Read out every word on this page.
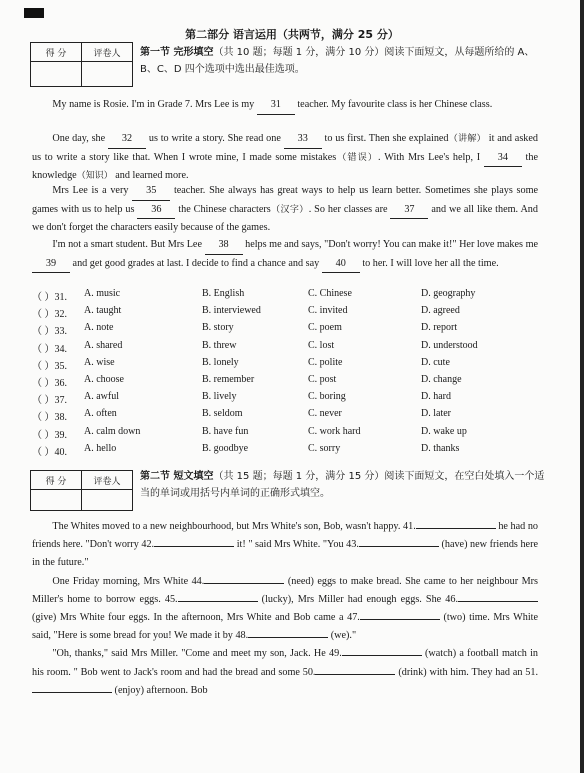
第二部分 语言运用（共两节，满分 25 分）
得 分	评卷人
	第一节 完形填空（共 10 题；每题 1 分，满分 10 分）阅读下面短文，从每题所给的 A、B、C、D 四个选项中选出最佳选项。
  My name is Rosie. I'm in Grade 7. Mrs Lee is my 31 teacher. My favourite class is her Chinese class.
  One day, she 32 us to write a story. She read one 33 to us first. Then she explained（讲解） it and asked us to write a story like that. When I wrote mine, I made some mistakes（错误）. With Mrs Lee's help, I 34 the knowledge（知识） and learned more.
  Mrs Lee is a very 35 teacher. She always has great ways to help us learn better. Sometimes she plays some games with us to help us 36 the Chinese characters（汉字）. So her classes are 37 and we all like them. And we don't forget the characters easily because of the games.
  I'm not a smart student. But Mrs Lee 38 helps me and says, "Don't worry! You can make it!" Her love makes me 39 and get good grades at last. I decide to find a chance and say 40 to her. I will love her all the time.
（ ）31. A. music	B. English	C. Chinese	D. geography
（ ）32. A. taught	B. interviewed	C. invited	D. agreed
（ ）33. A. note	B. story	C. poem	D. report
（ ）34. A. shared	B. threw	C. lost	D. understood
（ ）35. A. wise	B. lonely	C. polite	D. cute
（ ）36. A. choose	B. remember	C. post	D. change
（ ）37. A. awful	B. lively	C. boring	D. hard
（ ）38. A. often	B. seldom	C. never	D. later
（ ）39. A. calm down	B. have fun	C. work hard	D. wake up
（ ）40. A. hello	B. goodbye	C. sorry	D. thanks
得 分	评卷人
	第二节 短文填空（共 15 题；每题 1 分，满分 15 分）阅读下面短文，在空白处填入一个适当的单词或用括号内单词的正确形式填空。
  The Whites moved to a new neighbourhood, but Mrs White's son, Bob, wasn't happy. 41.	he had no friends here. "Don't worry 42.	it! " said Mrs White. "You 43.	(have) new friends here in the future."
  One Friday morning, Mrs White 44.	(need) eggs to make bread. She came to her neighbour Mrs Miller's home to borrow eggs. 45.	(lucky), Mrs Miller had enough eggs. She 46. (give) Mrs White four eggs. In the afternoon, Mrs White and Bob came a 47.	(two) time. Mrs White said, "Here is some bread for you! We made it by 48.	(we)."
  "Oh, thanks," said Mrs Miller. "Come and meet my son, Jack. He 49.	(watch) a football match in his room. " Bob went to Jack's room and had the bread and some 50.	(drink) with him. They had an 51. (enjoy) afternoon. Bob
